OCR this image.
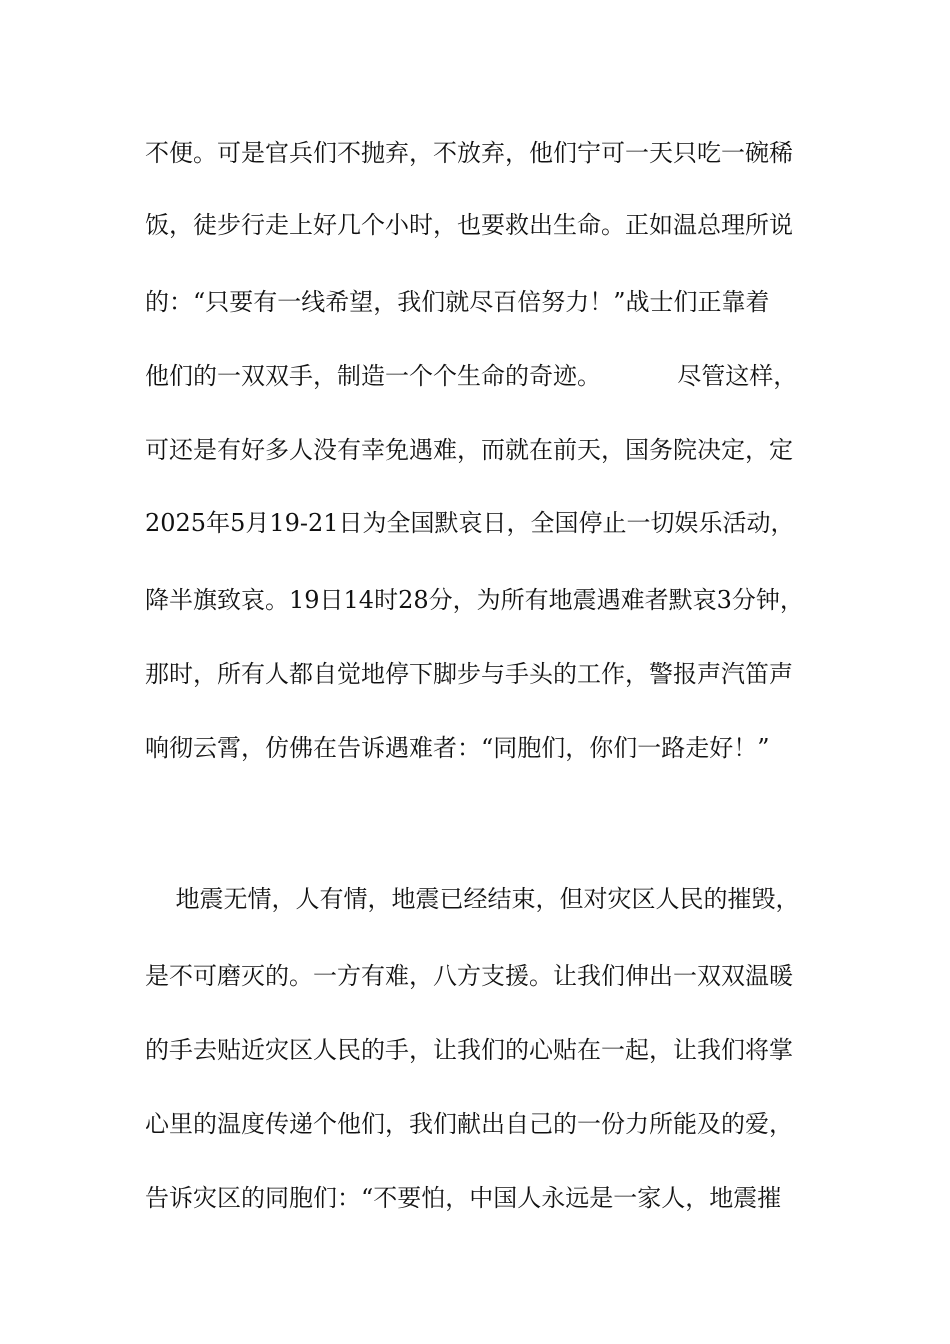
不便。可是官兵们不抛弃，不放弃，他们宁可一天只吃一碗稀
饭，徒步行走上好几个小时，也要救出生命。正如温总理所说
的：“只要有一线希望，我们就尽百倍努力！”战士们正靠着
他们的一双双手，制造一个个生命的奇迹。          尽管这样，
可还是有好多人没有幸免遇难，而就在前天，国务院决定，定
2025年5月19-21日为全国默哀日，全国停止一切娱乐活动，
降半旗致哀。19日14时28分，为所有地震遇难者默哀3分钟，
那时，所有人都自觉地停下脚步与手头的工作，警报声汽笛声
响彻云霄，仿佛在告诉遇难者：“同胞们，你们一路走好！”
地震无情，人有情，地震已经结束，但对灾区人民的摧毁，
是不可磨灭的。一方有难，八方支援。让我们伸出一双双温暖
的手去贴近灾区人民的手，让我们的心贴在一起，让我们将掌
心里的温度传递个他们，我们献出自己的一份力所能及的爱，
告诉灾区的同胞们：“不要怕，中国人永远是一家人，地震摧
